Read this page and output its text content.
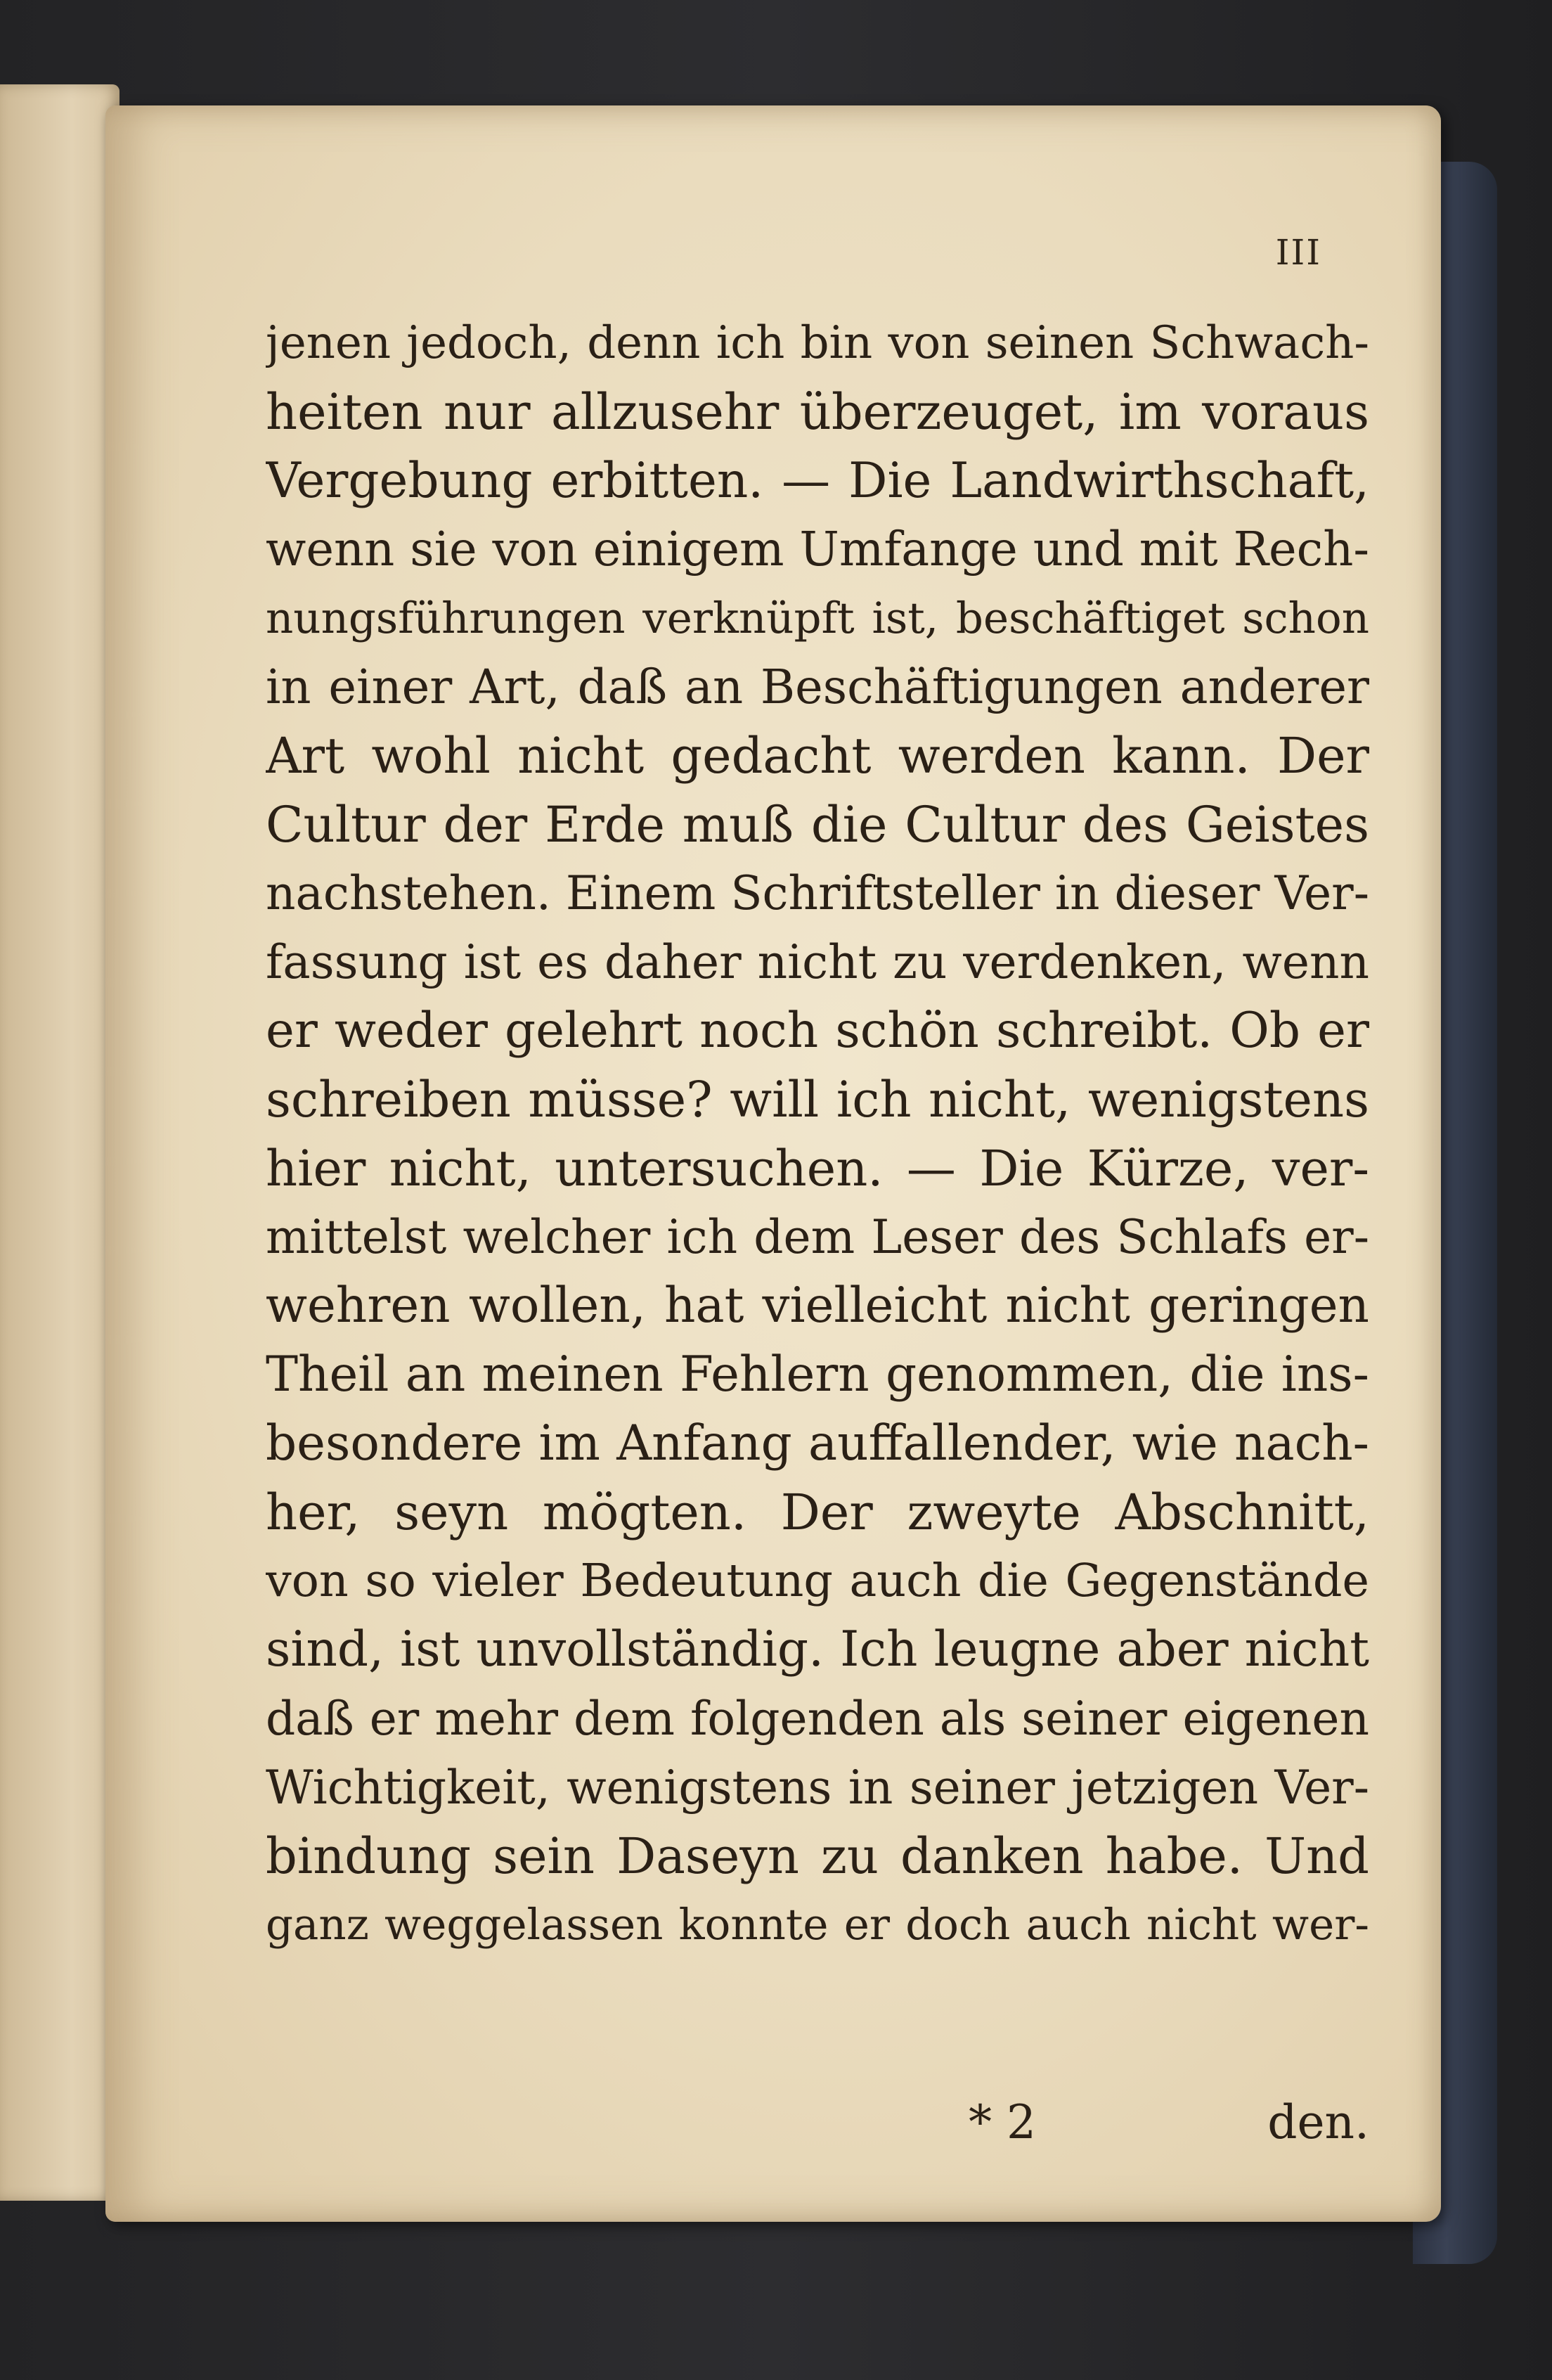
III
jenen jedoch, denn ich bin von seinen Schwach-
heiten nur allzusehr überzeuget, im voraus
Vergebung erbitten. — Die Landwirthschaft,
wenn sie von einigem Umfange und mit Rech-
nungsführungen verknüpft ist, beschäftiget schon
in einer Art, daß an Beschäftigungen anderer
Art wohl nicht gedacht werden kann. Der
Cultur der Erde muß die Cultur des Geistes
nachstehen. Einem Schriftsteller in dieser Ver-
fassung ist es daher nicht zu verdenken, wenn
er weder gelehrt noch schön schreibt. Ob er
schreiben müsse? will ich nicht, wenigstens
hier nicht, untersuchen. — Die Kürze, ver-
mittelst welcher ich dem Leser des Schlafs er-
wehren wollen, hat vielleicht nicht geringen
Theil an meinen Fehlern genommen, die ins-
besondere im Anfang auffallender, wie nach-
her, seyn mögten. Der zweyte Abschnitt,
von so vieler Bedeutung auch die Gegenstände
sind, ist unvollständig. Ich leugne aber nicht
daß er mehr dem folgenden als seiner eigenen
Wichtigkeit, wenigstens in seiner jetzigen Ver-
bindung sein Daseyn zu danken habe. Und
ganz weggelassen konnte er doch auch nicht wer-
* 2	den.
